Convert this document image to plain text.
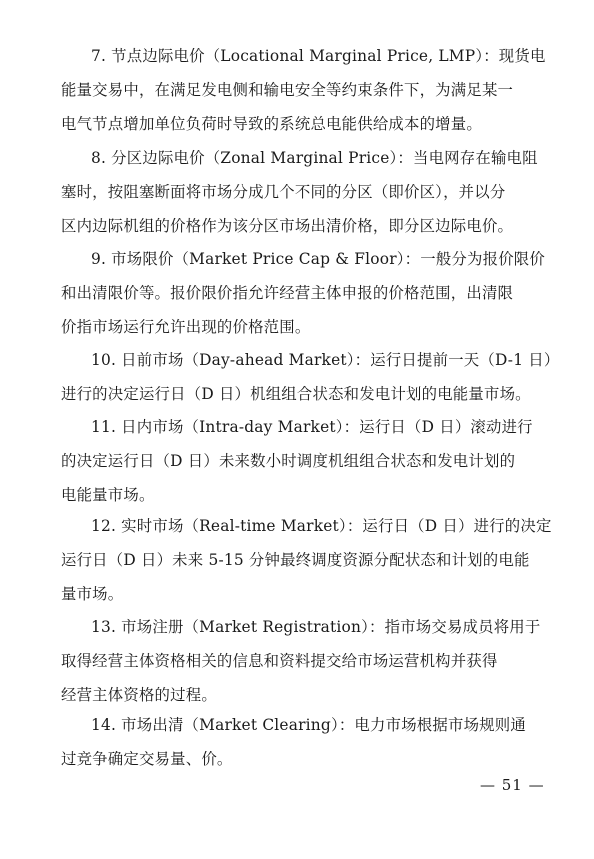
7. 节点边际电价（Locational Marginal Price, LMP）：现货电
能量交易中，在满足发电侧和输电安全等约束条件下，为满足某一
电气节点增加单位负荷时导致的系统总电能供给成本的增量。
8. 分区边际电价（Zonal Marginal Price）：当电网存在输电阻
塞时，按阻塞断面将市场分成几个不同的分区（即价区），并以分
区内边际机组的价格作为该分区市场出清价格，即分区边际电价。
9. 市场限价（Market Price Cap & Floor）：一般分为报价限价
和出清限价等。报价限价指允许经营主体申报的价格范围，出清限
价指市场运行允许出现的价格范围。
10. 日前市场（Day-ahead Market）：运行日提前一天（D-1 日）
进行的决定运行日（D 日）机组组合状态和发电计划的电能量市场。
11. 日内市场（Intra-day Market）：运行日（D 日）滚动进行
的决定运行日（D 日）未来数小时调度机组组合状态和发电计划的
电能量市场。
12. 实时市场（Real-time Market）：运行日（D 日）进行的决定
运行日（D 日）未来 5-15 分钟最终调度资源分配状态和计划的电能
量市场。
13. 市场注册（Market Registration）：指市场交易成员将用于
取得经营主体资格相关的信息和资料提交给市场运营机构并获得
经营主体资格的过程。
14. 市场出清（Market Clearing）：电力市场根据市场规则通
过竞争确定交易量、价。
— 51 —
